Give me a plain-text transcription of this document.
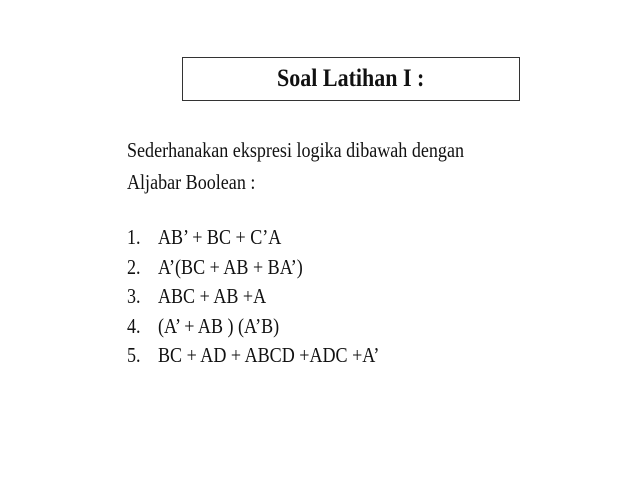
Soal Latihan I :

Sederhanakan ekspresi logika dibawah dengan

Aljabar Boolean :

1. AB’ + BC + C’A
2. A’(BC + AB + BA’)
3. ABC + AB +A
4. (A’ + AB ) (A’B)
5. BC + AD + ABCD +ADC +A’
